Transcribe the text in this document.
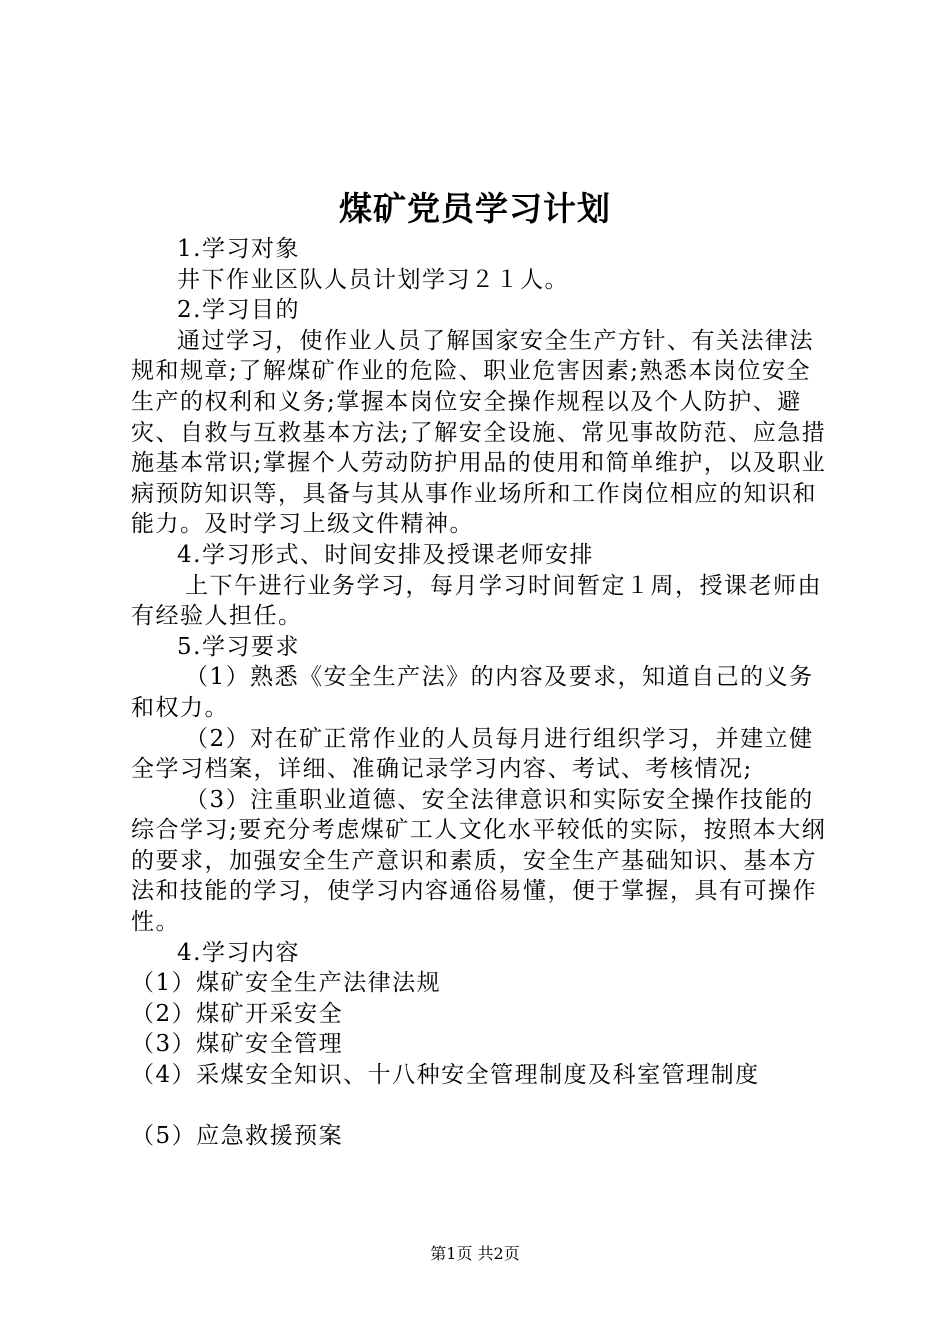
煤矿党员学习计划

1.学习对象

井下作业区队人员计划学习２１人。

2.学习目的

通过学习，使作业人员了解国家安全生产方针、有关法律法规和规章;了解煤矿作业的危险、职业危害因素;熟悉本岗位安全生产的权利和义务;掌握本岗位安全操作规程以及个人防护、避灾、自救与互救基本方法;了解安全设施、常见事故防范、应急措施基本常识;掌握个人劳动防护用品的使用和简单维护，以及职业病预防知识等，具备与其从事作业场所和工作岗位相应的知识和能力。及时学习上级文件精神。

4.学习形式、时间安排及授课老师安排

上下午进行业务学习，每月学习时间暂定１周，授课老师由有经验人担任。

5.学习要求

（1）熟悉《安全生产法》的内容及要求，知道自己的义务和权力。

（2）对在矿正常作业的人员每月进行组织学习，并建立健全学习档案，详细、准确记录学习内容、考试、考核情况;

（3）注重职业道德、安全法律意识和实际安全操作技能的综合学习;要充分考虑煤矿工人文化水平较低的实际，按照本大纲的要求，加强安全生产意识和素质，安全生产基础知识、基本方法和技能的学习，使学习内容通俗易懂，便于掌握，具有可操作性。

4.学习内容

（1）煤矿安全生产法律法规

（2）煤矿开采安全

（3）煤矿安全管理

（4）采煤安全知识、十八种安全管理制度及科室管理制度

（5）应急救援预案

第1页 共2页
